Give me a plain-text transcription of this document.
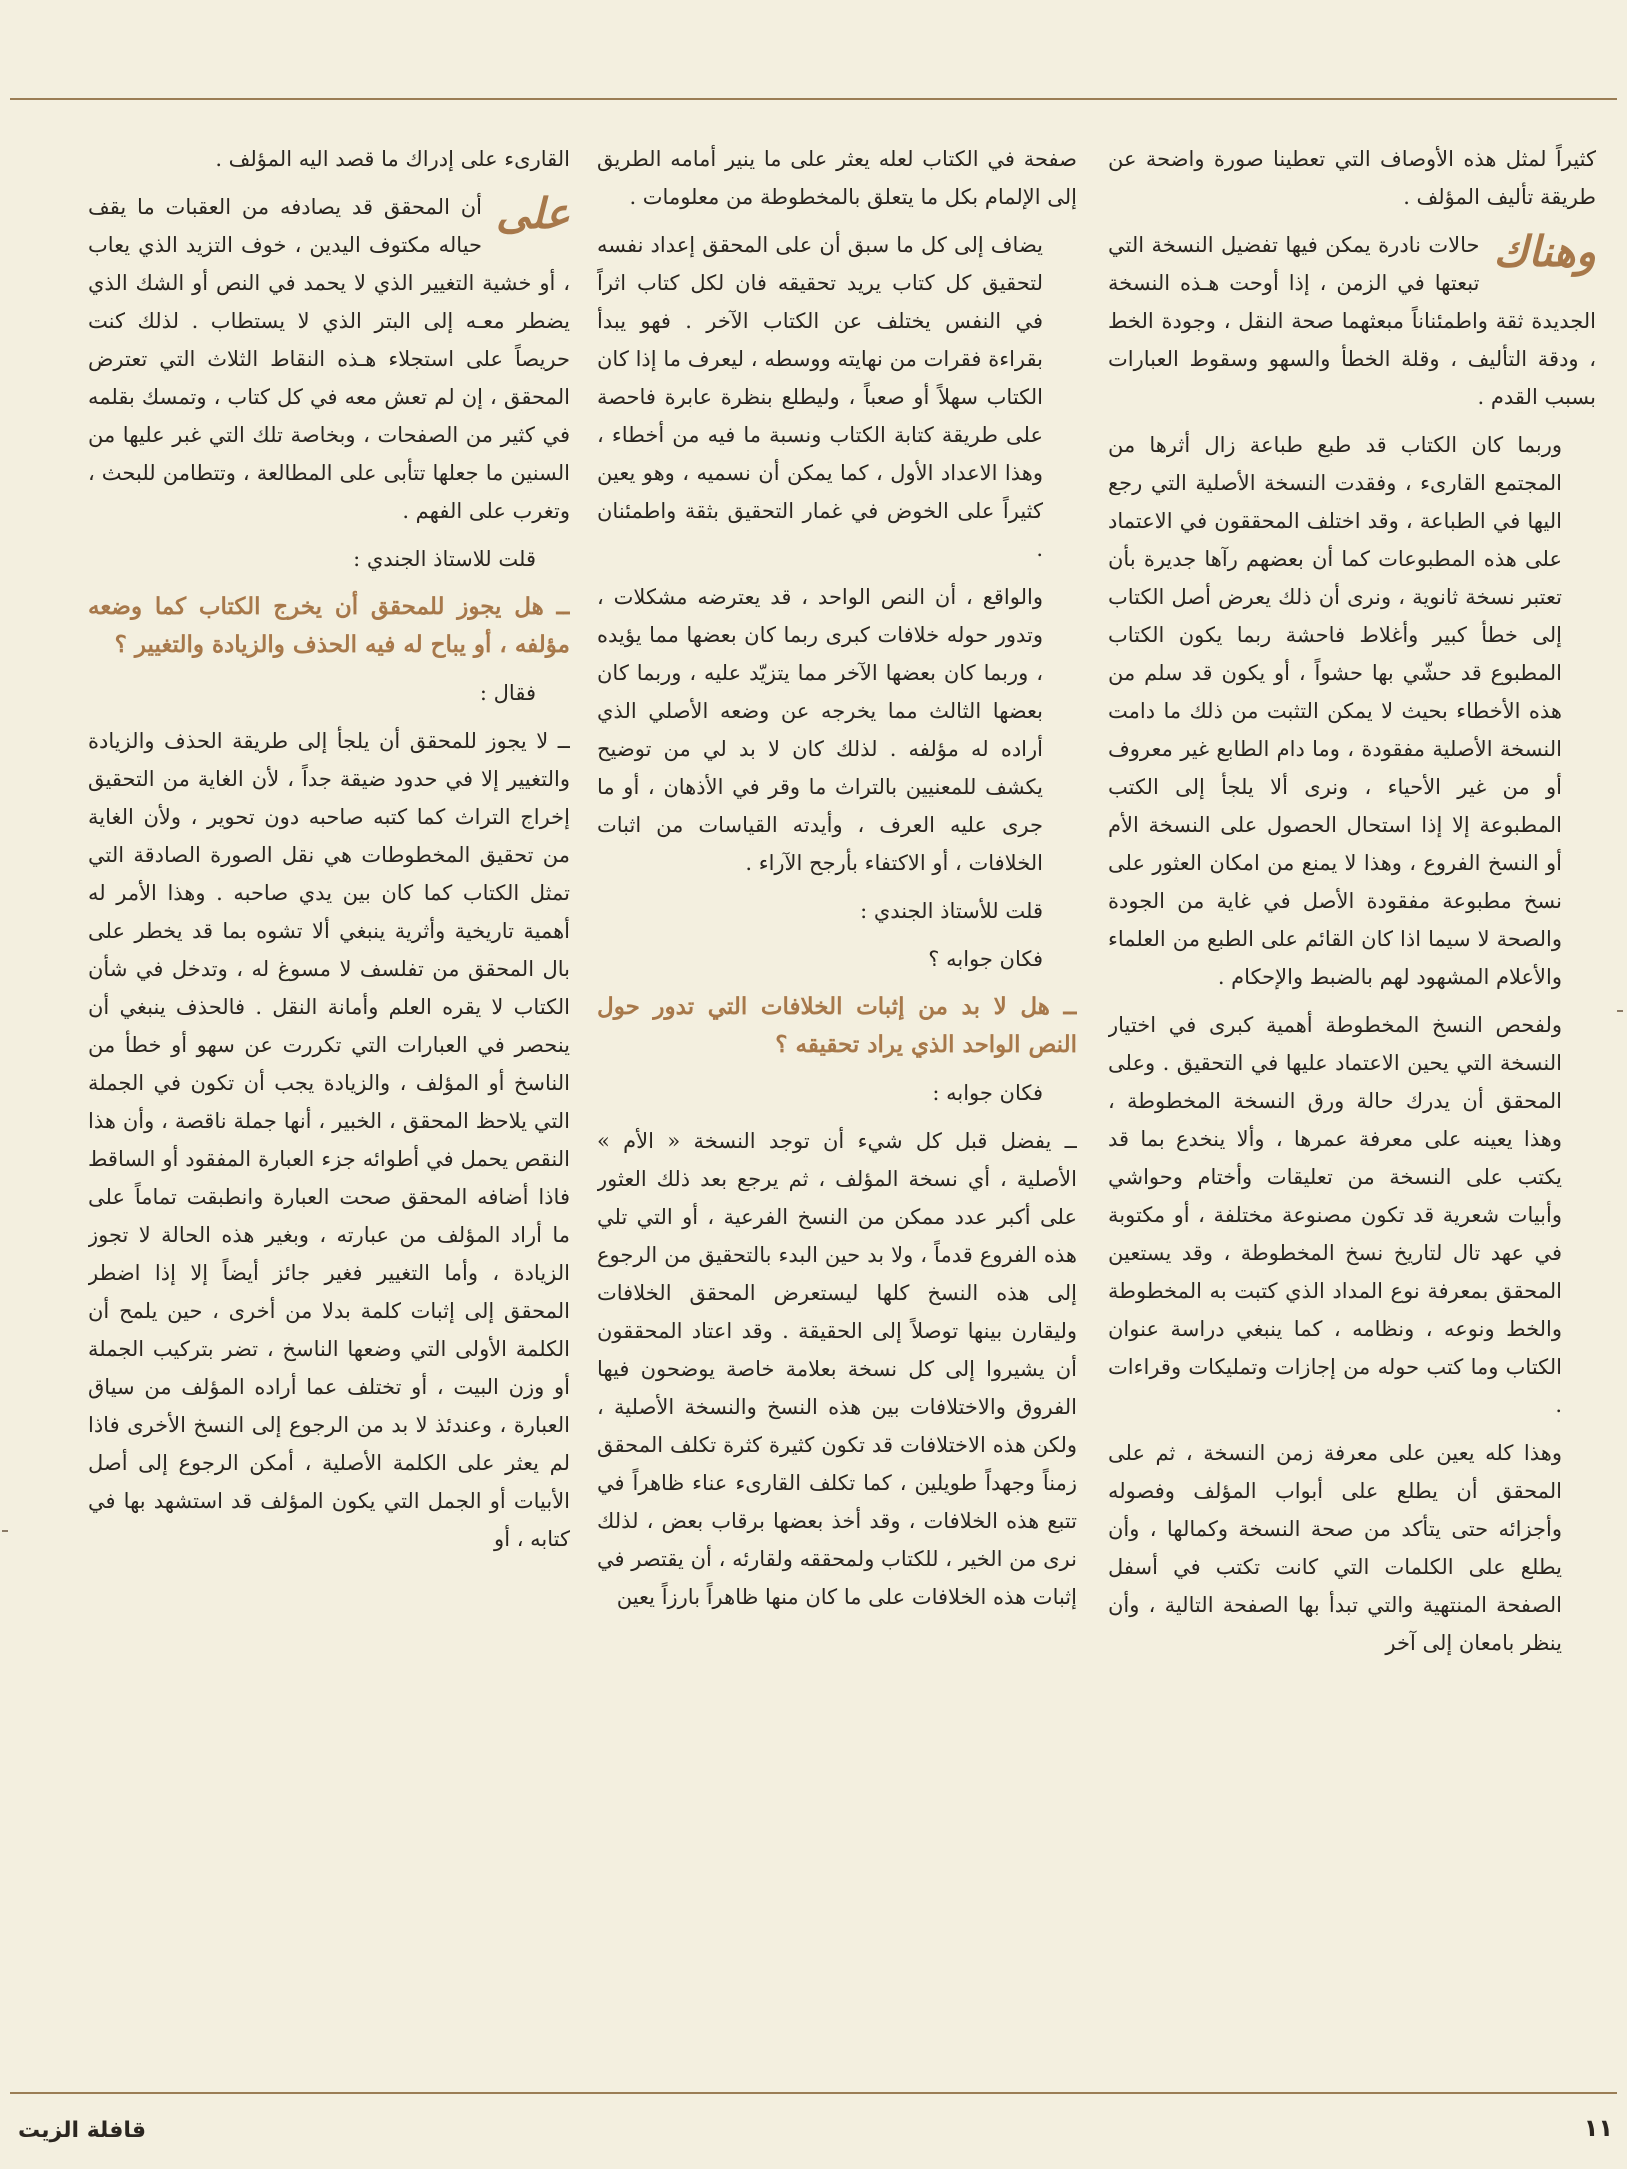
كثيراً لمثل هذه الأوصاف التي تعطينا صورة واضحة عن طريقة تأليف المؤلف .

وهناك
حالات نادرة يمكن فيها تفضيل النسخة التي تبعتها في الزمن ، إذا أوحت هـذه النسخة الجديدة ثقة واطمئناناً مبعثهما صحة النقل ، وجودة الخط ، ودقة التأليف ، وقلة الخطأ والسهو وسقوط العبارات بسبب القدم .

وربما كان الكتاب قد طبع طباعة زال أثرها من المجتمع القارىء ، وفقدت النسخة الأصلية التي رجع اليها في الطباعة ، وقد اختلف المحققون في الاعتماد على هذه المطبوعات كما أن بعضهم رآها جديرة بأن تعتبر نسخة ثانوية ، ونرى أن ذلك يعرض أصل الكتاب إلى خطأ كبير وأغلاط فاحشة ربما يكون الكتاب المطبوع قد حشّي بها حشواً ، أو يكون قد سلم من هذه الأخطاء بحيث لا يمكن التثبت من ذلك ما دامت النسخة الأصلية مفقودة ، وما دام الطابع غير معروف أو من غير الأحياء ، ونرى ألا يلجأ إلى الكتب المطبوعة إلا إذا استحال الحصول على النسخة الأم أو النسخ الفروع ، وهذا لا يمنع من امكان العثور على نسخ مطبوعة مفقودة الأصل في غاية من الجودة والصحة لا سيما اذا كان القائم على الطبع من العلماء والأعلام المشهود لهم بالضبط والإحكام .

ولفحص النسخ المخطوطة أهمية كبرى في اختيار النسخة التي يحين الاعتماد عليها في التحقيق . وعلى المحقق أن يدرك حالة ورق النسخة المخطوطة ، وهذا يعينه على معرفة عمرها ، وألا ينخدع بما قد يكتب على النسخة من تعليقات وأختام وحواشي وأبيات شعرية قد تكون مصنوعة مختلفة ، أو مكتوبة في عهد تال لتاريخ نسخ المخطوطة ، وقد يستعين المحقق بمعرفة نوع المداد الذي كتبت به المخطوطة والخط ونوعه ، ونظامه ، كما ينبغي دراسة عنوان الكتاب وما كتب حوله من إجازات وتمليكات وقراءات .

وهذا كله يعين على معرفة زمن النسخة ، ثم على المحقق أن يطلع على أبواب المؤلف وفصوله وأجزائه حتى يتأكد من صحة النسخة وكمالها ، وأن يطلع على الكلمات التي كانت تكتب في أسفل الصفحة المنتهية والتي تبدأ بها الصفحة التالية ، وأن ينظر بامعان إلى آخر

صفحة في الكتاب لعله يعثر على ما ينير أمامه الطريق إلى الإلمام بكل ما يتعلق بالمخطوطة من معلومات .

يضاف إلى كل ما سبق أن على المحقق إعداد نفسه لتحقيق كل كتاب يريد تحقيقه فان لكل كتاب اثراً في النفس يختلف عن الكتاب الآخر . فهو يبدأ بقراءة فقرات من نهايته ووسطه ، ليعرف ما إذا كان الكتاب سهلاً أو صعباً ، وليطلع بنظرة عابرة فاحصة على طريقة كتابة الكتاب ونسبة ما فيه من أخطاء ، وهذا الاعداد الأول ، كما يمكن أن نسميه ، وهو يعين كثيراً على الخوض في غمار التحقيق بثقة واطمئنان .

والواقع ، أن النص الواحد ، قد يعترضه مشكلات ، وتدور حوله خلافات كبرى ربما كان بعضها مما يؤيده ، وربما كان بعضها الآخر مما يتزيّد عليه ، وربما كان بعضها الثالث مما يخرجه عن وضعه الأصلي الذي أراده له مؤلفه . لذلك كان لا بد لي من توضيح يكشف للمعنيين بالتراث ما وقر في الأذهان ، أو ما جرى عليه العرف ، وأيدته القياسات من اثبات الخلافات ، أو الاكتفاء بأرجح الآراء .

قلت للأستاذ الجندي :

فكان جوابه ؟

ــ هل لا بد من إثبات الخلافات التي تدور حول النص الواحد الذي يراد تحقيقه ؟

فكان جوابه :

ــ يفضل قبل كل شيء أن توجد النسخة « الأم » الأصلية ، أي نسخة المؤلف ، ثم يرجع بعد ذلك العثور على أكبر عدد ممكن من النسخ الفرعية ، أو التي تلي هذه الفروع قدماً ، ولا بد حين البدء بالتحقيق من الرجوع إلى هذه النسخ كلها ليستعرض المحقق الخلافات وليقارن بينها توصلاً إلى الحقيقة . وقد اعتاد المحققون أن يشيروا إلى كل نسخة بعلامة خاصة يوضحون فيها الفروق والاختلافات بين هذه النسخ والنسخة الأصلية ، ولكن هذه الاختلافات قد تكون كثيرة كثرة تكلف المحقق زمناً وجهداً طويلين ، كما تكلف القارىء عناء ظاهراً في تتبع هذه الخلافات ، وقد أخذ بعضها برقاب بعض ، لذلك نرى من الخير ، للكتاب ولمحققه ولقارئه ، أن يقتصر في إثبات هذه الخلافات على ما كان منها ظاهراً بارزاً يعين

القارىء على إدراك ما قصد اليه المؤلف .

على
أن المحقق قد يصادفه من العقبات ما يقف حياله مكتوف اليدين ، خوف التزيد الذي يعاب ، أو خشية التغيير الذي لا يحمد في النص أو الشك الذي يضطر معـه إلى البتر الذي لا يستطاب . لذلك كنت حريصاً على استجلاء هـذه النقاط الثلاث التي تعترض المحقق ، إن لم تعش معه في كل كتاب ، وتمسك بقلمه في كثير من الصفحات ، وبخاصة تلك التي غبر عليها من السنين ما جعلها تتأبى على المطالعة ، وتتطامن للبحث ، وتغرب على الفهم .

قلت للاستاذ الجندي :

ــ هل يجوز للمحقق أن يخرج الكتاب كما وضعه مؤلفه ، أو يباح له فيه الحذف والزيادة والتغيير ؟

فقال :

ــ لا يجوز للمحقق أن يلجأ إلى طريقة الحذف والزيادة والتغيير إلا في حدود ضيقة جداً ، لأن الغاية من التحقيق إخراج التراث كما كتبه صاحبه دون تحوير ، ولأن الغاية من تحقيق المخطوطات هي نقل الصورة الصادقة التي تمثل الكتاب كما كان بين يدي صاحبه . وهذا الأمر له أهمية تاريخية وأثرية ينبغي ألا تشوه بما قد يخطر على بال المحقق من تفلسف لا مسوغ له ، وتدخل في شأن الكتاب لا يقره العلم وأمانة النقل . فالحذف ينبغي أن ينحصر في العبارات التي تكررت عن سهو أو خطأ من الناسخ أو المؤلف ، والزيادة يجب أن تكون في الجملة التي يلاحظ المحقق ، الخبير ، أنها جملة ناقصة ، وأن هذا النقص يحمل في أطوائه جزء العبارة المفقود أو الساقط فاذا أضافه المحقق صحت العبارة وانطبقت تماماً على ما أراد المؤلف من عبارته ، وبغير هذه الحالة لا تجوز الزيادة ، وأما التغيير فغير جائز أيضاً إلا إذا اضطر المحقق إلى إثبات كلمة بدلا من أخرى ، حين يلمح أن الكلمة الأولى التي وضعها الناسخ ، تضر بتركيب الجملة أو وزن البيت ، أو تختلف عما أراده المؤلف من سياق العبارة ، وعندئذ لا بد من الرجوع إلى النسخ الأخرى فاذا لم يعثر على الكلمة الأصلية ، أمكن الرجوع إلى أصل الأبيات أو الجمل التي يكون المؤلف قد استشهد بها في كتابه ، أو

قافلة الزيت	١١
